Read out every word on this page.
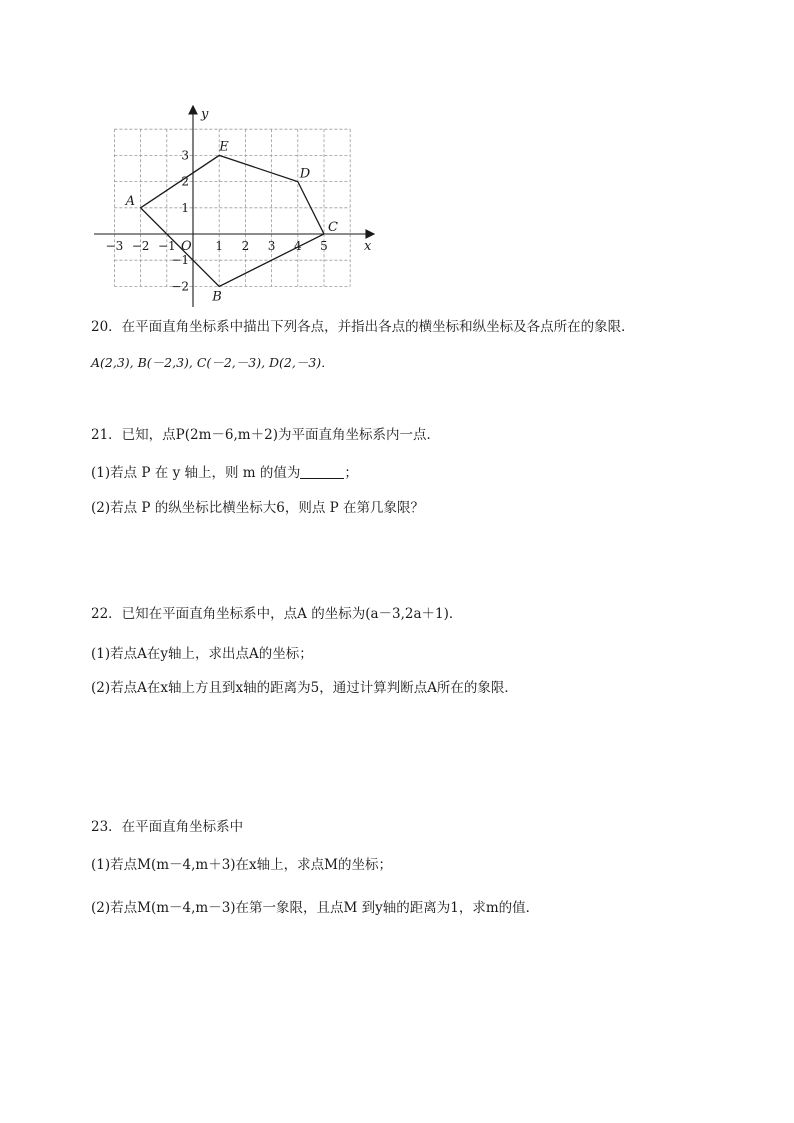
x
y
O
−3 −2 −1	1 2 3 4 5
3
2
1
−1
−2
A
E
D
C
B
20．在平面直角坐标系中描出下列各点，并指出各点的横坐标和纵坐标及各点所在的象限．
A(2,3), B(－2,3), C(－2,－3), D(2,－3)．
21．已知，点P(2m－6,m＋2)为平面直角坐标系内一点．
(1)若点 P 在 y 轴上，则 m 的值为	；
(2)若点 P 的纵坐标比横坐标大6，则点 P 在第几象限？
22．已知在平面直角坐标系中，点A 的坐标为(a－3,2a＋1)．
(1)若点A在y轴上，求出点A的坐标；
(2)若点A在x轴上方且到x轴的距离为5，通过计算判断点A所在的象限．
23．在平面直角坐标系中
(1)若点M(m－4,m＋3)在x轴上，求点M的坐标；
(2)若点M(m－4,m－3)在第一象限，且点M 到y轴的距离为1，求m的值．
